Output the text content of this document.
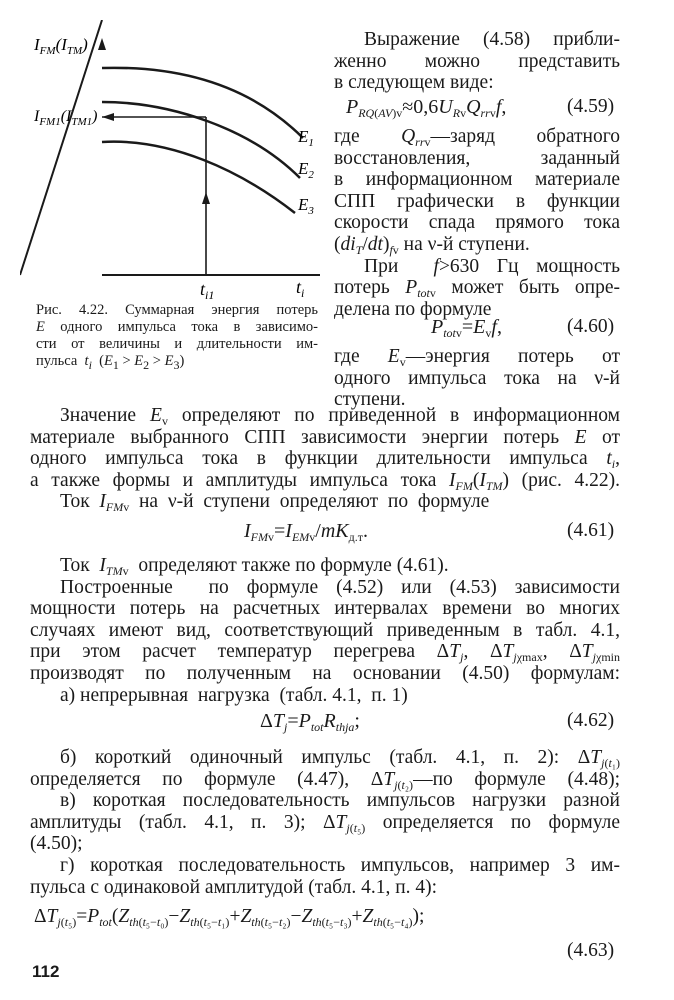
$I_{FM}(I_{TM})$
$I_{FM1}(I_{TM1})$
$E_1$
$E_2$
$E_3$
$t_{i1}$	$t_i$
Рис. 4.22. Суммарная энергия потерь
E одного импульса тока в зависимо-
сти от величины и длительности им-
пульса  $t_i$  $(E_1 > E_2 > E_3)$
Выражение (4.58) прибли-
женно можно представить
в следующем виде:
$P_{RQ(AV)v}\approx 0,6U_{Rv}Q_{rrv}f$,	(4.59)
где  $Q_{rrv}—заряд$  обратного
восстановления,   заданный
в информационном материале
СПП графически в функции
скорости спада прямого тока
$(di_T/dt)_{fv}$ на ν-й ступени.
При  f>630 Гц мощность
потерь $P_{totv}$ может быть опре-
делена по формуле
$P_{totv}=E_vf$,	(4.60)
где  $E_v—энергия$  потерь  от
одного импульса тока на ν-й
ступени.
Значение $E_v$ определяют по приведенной в информационном
материале выбранного СПП зависимости энергии потерь E от
одного импульса тока в функции длительности импульса $t_i$,
а также формы и амплитуды импульса тока $I_{FM}(I_{TM})$ (рис. 4.22).
Ток  $I_{FMv}$  на  ν-й  ступени  определяют  по  формуле
$I_{FMv}=I_{EMv}/mK_{д.т}$.	(4.61)
Ток  $I_{TMv}$  определяют также по формуле (4.61).
Построенные  по формуле (4.52) или (4.53) зависимости
мощности потерь на расчетных интервалах времени во многих
случаях имеют вид, соответствующий приведенным в табл. 4.1,
при этом расчет температур перегрева $\Delta T_j$, $\Delta T_{j\chi max}$, $\Delta T_{j\chi min}$
производят по полученным на основании (4.50) формулам:
а) непрерывная  нагрузка  (табл. 4.1,  п. 1)
$\Delta T_j=P_{tot}R_{thja}$;	(4.62)
б) короткий одиночный импульс (табл. 4.1, п. 2): $\Delta T_{j(t_1)}$
определяется по формуле (4.47), $\Delta T_{j(t_2)}—по$ формуле (4.48);
в) короткая последовательность импульсов нагрузки разной
амплитуды (табл. 4.1, п. 3); $\Delta T_{j(t_5)}$ определяется по формуле
(4.50);
г) короткая последовательность импульсов, например 3 им-
пульса с одинаковой амплитудой (табл. 4.1, п. 4):
$\Delta T_{j(t_5)}=P_{tot}(Z_{th(t_5-t_0)}-Z_{th(t_5-t_1)}+Z_{th(t_5-t_2)}-Z_{th(t_5-t_3)}+Z_{th(t_5-t_4)})$;
(4.63)
112
